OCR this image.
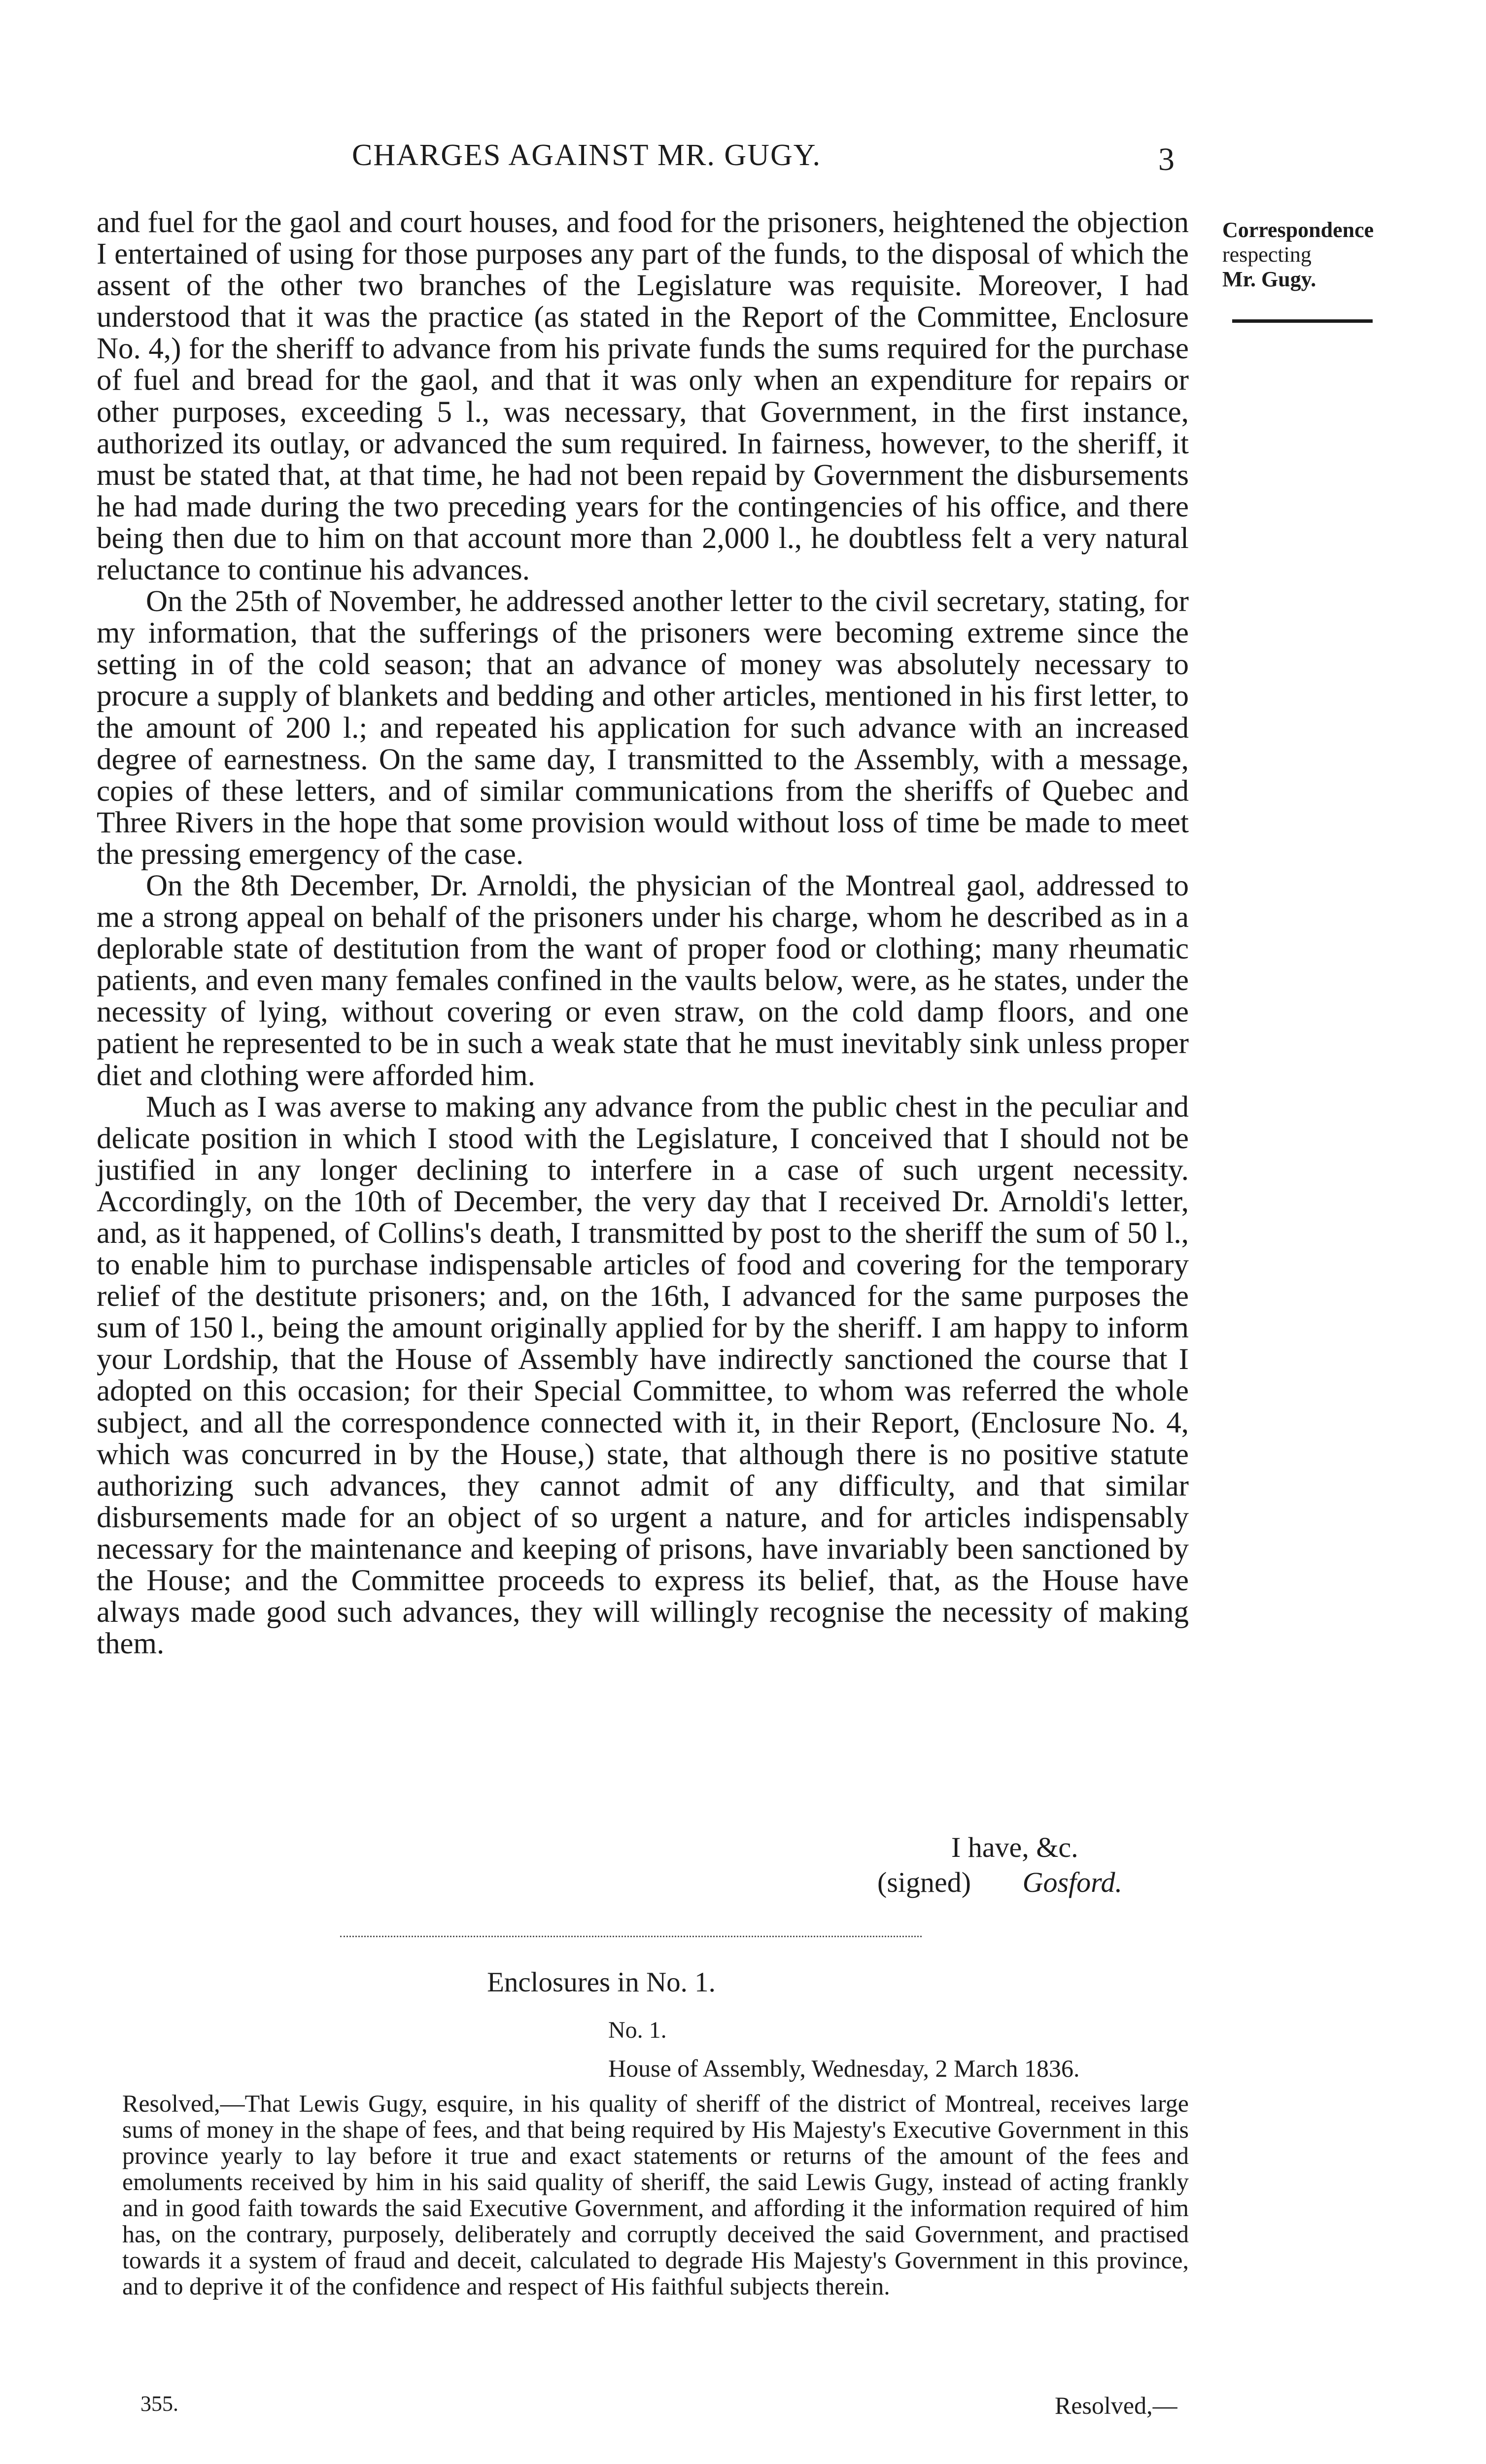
CHARGES AGAINST MR. GUGY.	3
Correspondence
respecting
Mr. Gugy.

and fuel for the gaol and court houses, and food for the prisoners, heightened the objection I entertained of using for those purposes any part of the funds, to the disposal of which the assent of the other two branches of the Legislature was requisite. Moreover, I had understood that it was the practice (as stated in the Report of the Committee, Enclosure No. 4,) for the sheriff to advance from his private funds the sums required for the purchase of fuel and bread for the gaol, and that it was only when an expenditure for repairs or other purposes, exceeding 5 l., was necessary, that Government, in the first instance, authorized its outlay, or advanced the sum required. In fairness, however, to the sheriff, it must be stated that, at that time, he had not been repaid by Government the disbursements he had made during the two preceding years for the contingencies of his office, and there being then due to him on that account more than 2,000 l., he doubtless felt a very natural reluctance to continue his advances.

On the 25th of November, he addressed another letter to the civil secretary, stating, for my information, that the sufferings of the prisoners were becoming extreme since the setting in of the cold season; that an advance of money was absolutely necessary to procure a supply of blankets and bedding and other articles, mentioned in his first letter, to the amount of 200 l.; and repeated his application for such advance with an increased degree of earnestness. On the same day, I transmitted to the Assembly, with a message, copies of these letters, and of similar communications from the sheriffs of Quebec and Three Rivers in the hope that some provision would without loss of time be made to meet the pressing emergency of the case.

On the 8th December, Dr. Arnoldi, the physician of the Montreal gaol, addressed to me a strong appeal on behalf of the prisoners under his charge, whom he described as in a deplorable state of destitution from the want of proper food or clothing; many rheumatic patients, and even many females confined in the vaults below, were, as he states, under the necessity of lying, without covering or even straw, on the cold damp floors, and one patient he represented to be in such a weak state that he must inevitably sink unless proper diet and clothing were afforded him.

Much as I was averse to making any advance from the public chest in the peculiar and delicate position in which I stood with the Legislature, I conceived that I should not be justified in any longer declining to interfere in a case of such urgent necessity. Accordingly, on the 10th of December, the very day that I received Dr. Arnoldi's letter, and, as it happened, of Collins's death, I transmitted by post to the sheriff the sum of 50 l., to enable him to purchase indispensable articles of food and covering for the temporary relief of the destitute prisoners; and, on the 16th, I advanced for the same purposes the sum of 150 l., being the amount originally applied for by the sheriff. I am happy to inform your Lordship, that the House of Assembly have indirectly sanctioned the course that I adopted on this occasion; for their Special Committee, to whom was referred the whole subject, and all the correspondence connected with it, in their Report, (Enclosure No. 4, which was concurred in by the House,) state, that although there is no positive statute authorizing such advances, they cannot admit of any difficulty, and that similar disbursements made for an object of so urgent a nature, and for articles indispensably necessary for the maintenance and keeping of prisons, have invariably been sanctioned by the House; and the Committee proceeds to express its belief, that, as the House have always made good such advances, they will willingly recognise the necessity of making them.

I have, &c.
(signed) Gosford.
Enclosures in No. 1.
No. 1.
House of Assembly, Wednesday, 2 March 1836.

Resolved,—That Lewis Gugy, esquire, in his quality of sheriff of the district of Montreal, receives large sums of money in the shape of fees, and that being required by His Majesty's Executive Government in this province yearly to lay before it true and exact statements or returns of the amount of the fees and emoluments received by him in his said quality of sheriff, the said Lewis Gugy, instead of acting frankly and in good faith towards the said Executive Government, and affording it the information required of him has, on the contrary, purposely, deliberately and corruptly deceived the said Government, and practised towards it a system of fraud and deceit, calculated to degrade His Majesty's Government in this province, and to deprive it of the confidence and respect of His faithful subjects therein.

355.	Resolved,—
